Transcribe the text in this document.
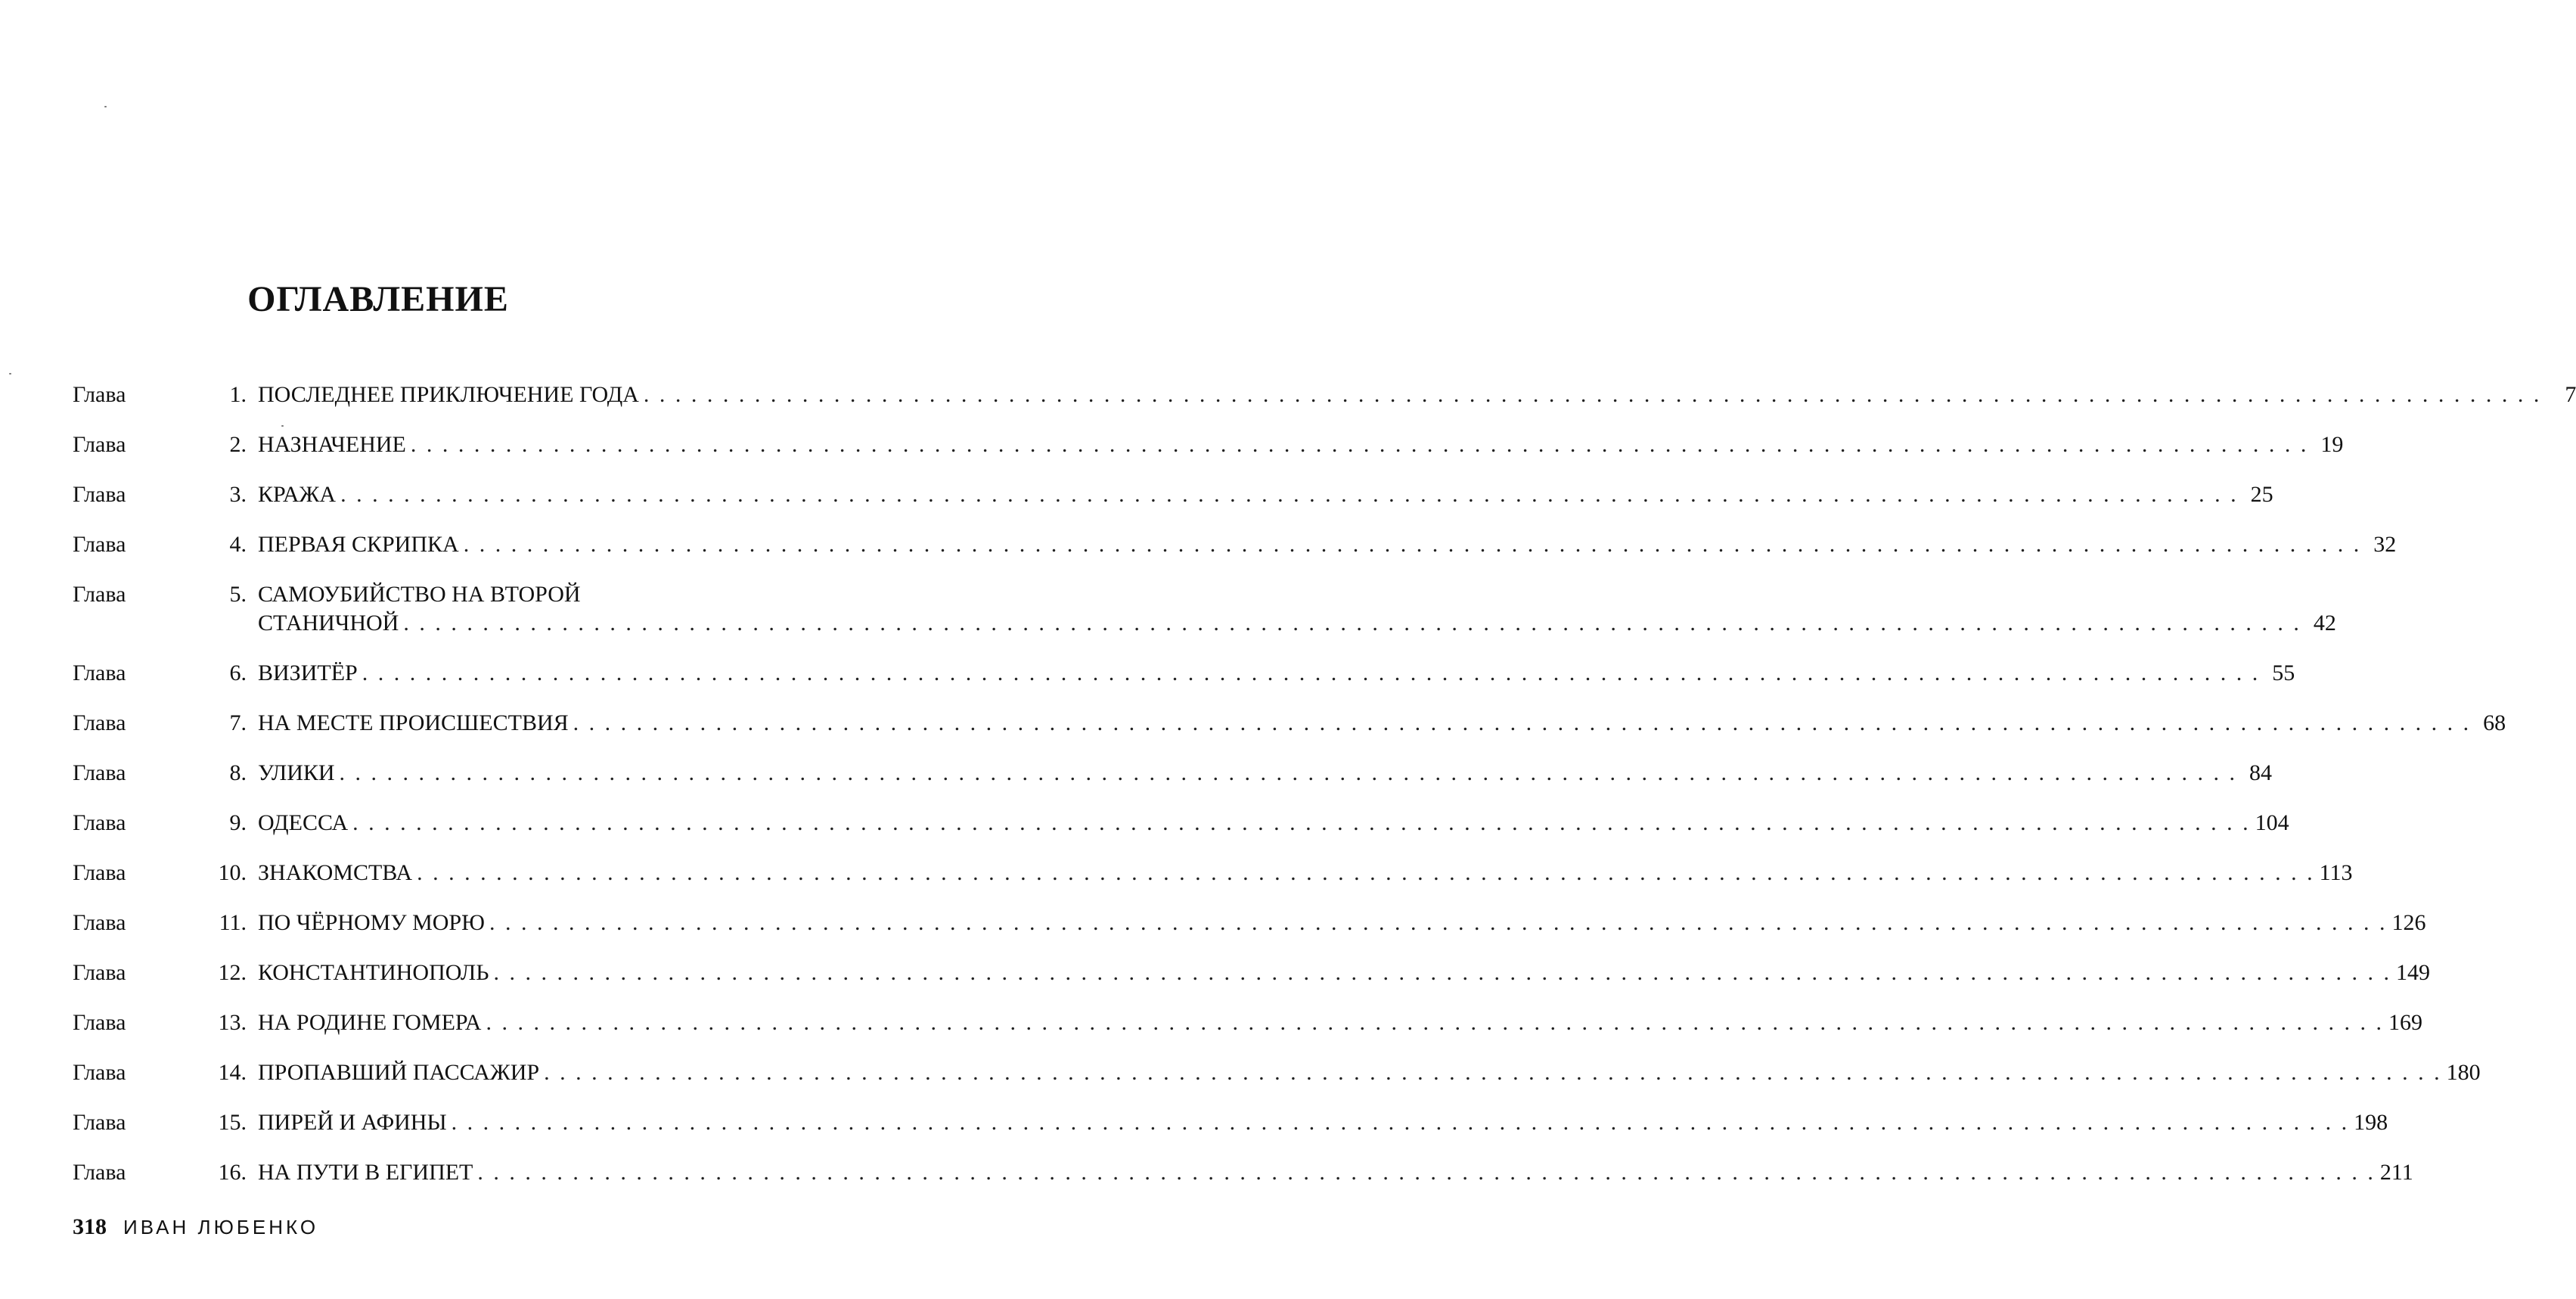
ОГЛАВЛЕНИЕ
Глава	1. ПОСЛЕДНЕЕ ПРИКЛЮЧЕНИЕ ГОДА . . . . . . . . . . . . . . . . . . . . . . . . . . . . . . . . . . . . . . . . . . . . . . . . . . . . . . . . . . . . . . . . . . . . . . . . . . . . . . . . . . . . . . . . . . . . . . . . . . . . . . . . . . . . . . . . . . . . . . . .	7
Глава	2. НАЗНАЧЕНИЕ . . . . . . . . . . . . . . . . . . . . . . . . . . . . . . . . . . . . . . . . . . . . . . . . . . . . . . . . . . . . . . . . . . . . . . . . . . . . . . . . . . . . . . . . . . . . . . . . . . . . . . . . . . . . . . . . . . . . . . . . 19
Глава	3. КРАЖА . . . . . . . . . . . . . . . . . . . . . . . . . . . . . . . . . . . . . . . . . . . . . . . . . . . . . . . . . . . . . . . . . . . . . . . . . . . . . . . . . . . . . . . . . . . . . . . . . . . . . . . . . . . . . . . . . . . . . . . . 25
Глава	4. ПЕРВАЯ СКРИПКА . . . . . . . . . . . . . . . . . . . . . . . . . . . . . . . . . . . . . . . . . . . . . . . . . . . . . . . . . . . . . . . . . . . . . . . . . . . . . . . . . . . . . . . . . . . . . . . . . . . . . . . . . . . . . . . . . . . . . . . . 32
Глава	5. САМОУБИЙСТВО НА ВТОРОЙ
СТАНИЧНОЙ . . . . . . . . . . . . . . . . . . . . . . . . . . . . . . . . . . . . . . . . . . . . . . . . . . . . . . . . . . . . . . . . . . . . . . . . . . . . . . . . . . . . . . . . . . . . . . . . . . . . . . . . . . . . . . . . . . . . . . . . 42
Глава	6. ВИЗИТЁР . . . . . . . . . . . . . . . . . . . . . . . . . . . . . . . . . . . . . . . . . . . . . . . . . . . . . . . . . . . . . . . . . . . . . . . . . . . . . . . . . . . . . . . . . . . . . . . . . . . . . . . . . . . . . . . . . . . . . . . . 55
Глава	7. НА МЕСТЕ ПРОИСШЕСТВИЯ . . . . . . . . . . . . . . . . . . . . . . . . . . . . . . . . . . . . . . . . . . . . . . . . . . . . . . . . . . . . . . . . . . . . . . . . . . . . . . . . . . . . . . . . . . . . . . . . . . . . . . . . . . . . . . . . . . . . . . . . 68
Глава	8. УЛИКИ . . . . . . . . . . . . . . . . . . . . . . . . . . . . . . . . . . . . . . . . . . . . . . . . . . . . . . . . . . . . . . . . . . . . . . . . . . . . . . . . . . . . . . . . . . . . . . . . . . . . . . . . . . . . . . . . . . . . . . . . 84
Глава	9. ОДЕССА . . . . . . . . . . . . . . . . . . . . . . . . . . . . . . . . . . . . . . . . . . . . . . . . . . . . . . . . . . . . . . . . . . . . . . . . . . . . . . . . . . . . . . . . . . . . . . . . . . . . . . . . . . . . . . . . . . . . . . . . 104
Глава	10. ЗНАКОМСТВА . . . . . . . . . . . . . . . . . . . . . . . . . . . . . . . . . . . . . . . . . . . . . . . . . . . . . . . . . . . . . . . . . . . . . . . . . . . . . . . . . . . . . . . . . . . . . . . . . . . . . . . . . . . . . . . . . . . . . . . . 113
Глава	11. ПО ЧЁРНОМУ МОРЮ . . . . . . . . . . . . . . . . . . . . . . . . . . . . . . . . . . . . . . . . . . . . . . . . . . . . . . . . . . . . . . . . . . . . . . . . . . . . . . . . . . . . . . . . . . . . . . . . . . . . . . . . . . . . . . . . . . . . . . . . 126
Глава	12. КОНСТАНТИНОПОЛЬ . . . . . . . . . . . . . . . . . . . . . . . . . . . . . . . . . . . . . . . . . . . . . . . . . . . . . . . . . . . . . . . . . . . . . . . . . . . . . . . . . . . . . . . . . . . . . . . . . . . . . . . . . . . . . . . . . . . . . . . . 149
Глава	13. НА РОДИНЕ ГОМЕРА . . . . . . . . . . . . . . . . . . . . . . . . . . . . . . . . . . . . . . . . . . . . . . . . . . . . . . . . . . . . . . . . . . . . . . . . . . . . . . . . . . . . . . . . . . . . . . . . . . . . . . . . . . . . . . . . . . . . . . . . 169
Глава	14. ПРОПАВШИЙ ПАССАЖИР . . . . . . . . . . . . . . . . . . . . . . . . . . . . . . . . . . . . . . . . . . . . . . . . . . . . . . . . . . . . . . . . . . . . . . . . . . . . . . . . . . . . . . . . . . . . . . . . . . . . . . . . . . . . . . . . . . . . . . . . 180
Глава	15. ПИРЕЙ И АФИНЫ . . . . . . . . . . . . . . . . . . . . . . . . . . . . . . . . . . . . . . . . . . . . . . . . . . . . . . . . . . . . . . . . . . . . . . . . . . . . . . . . . . . . . . . . . . . . . . . . . . . . . . . . . . . . . . . . . . . . . . . . 198
Глава	16. НА ПУТИ В ЕГИПЕТ . . . . . . . . . . . . . . . . . . . . . . . . . . . . . . . . . . . . . . . . . . . . . . . . . . . . . . . . . . . . . . . . . . . . . . . . . . . . . . . . . . . . . . . . . . . . . . . . . . . . . . . . . . . . . . . . . . . . . . . . 211
318 ИВАН ЛЮБЕНКО
